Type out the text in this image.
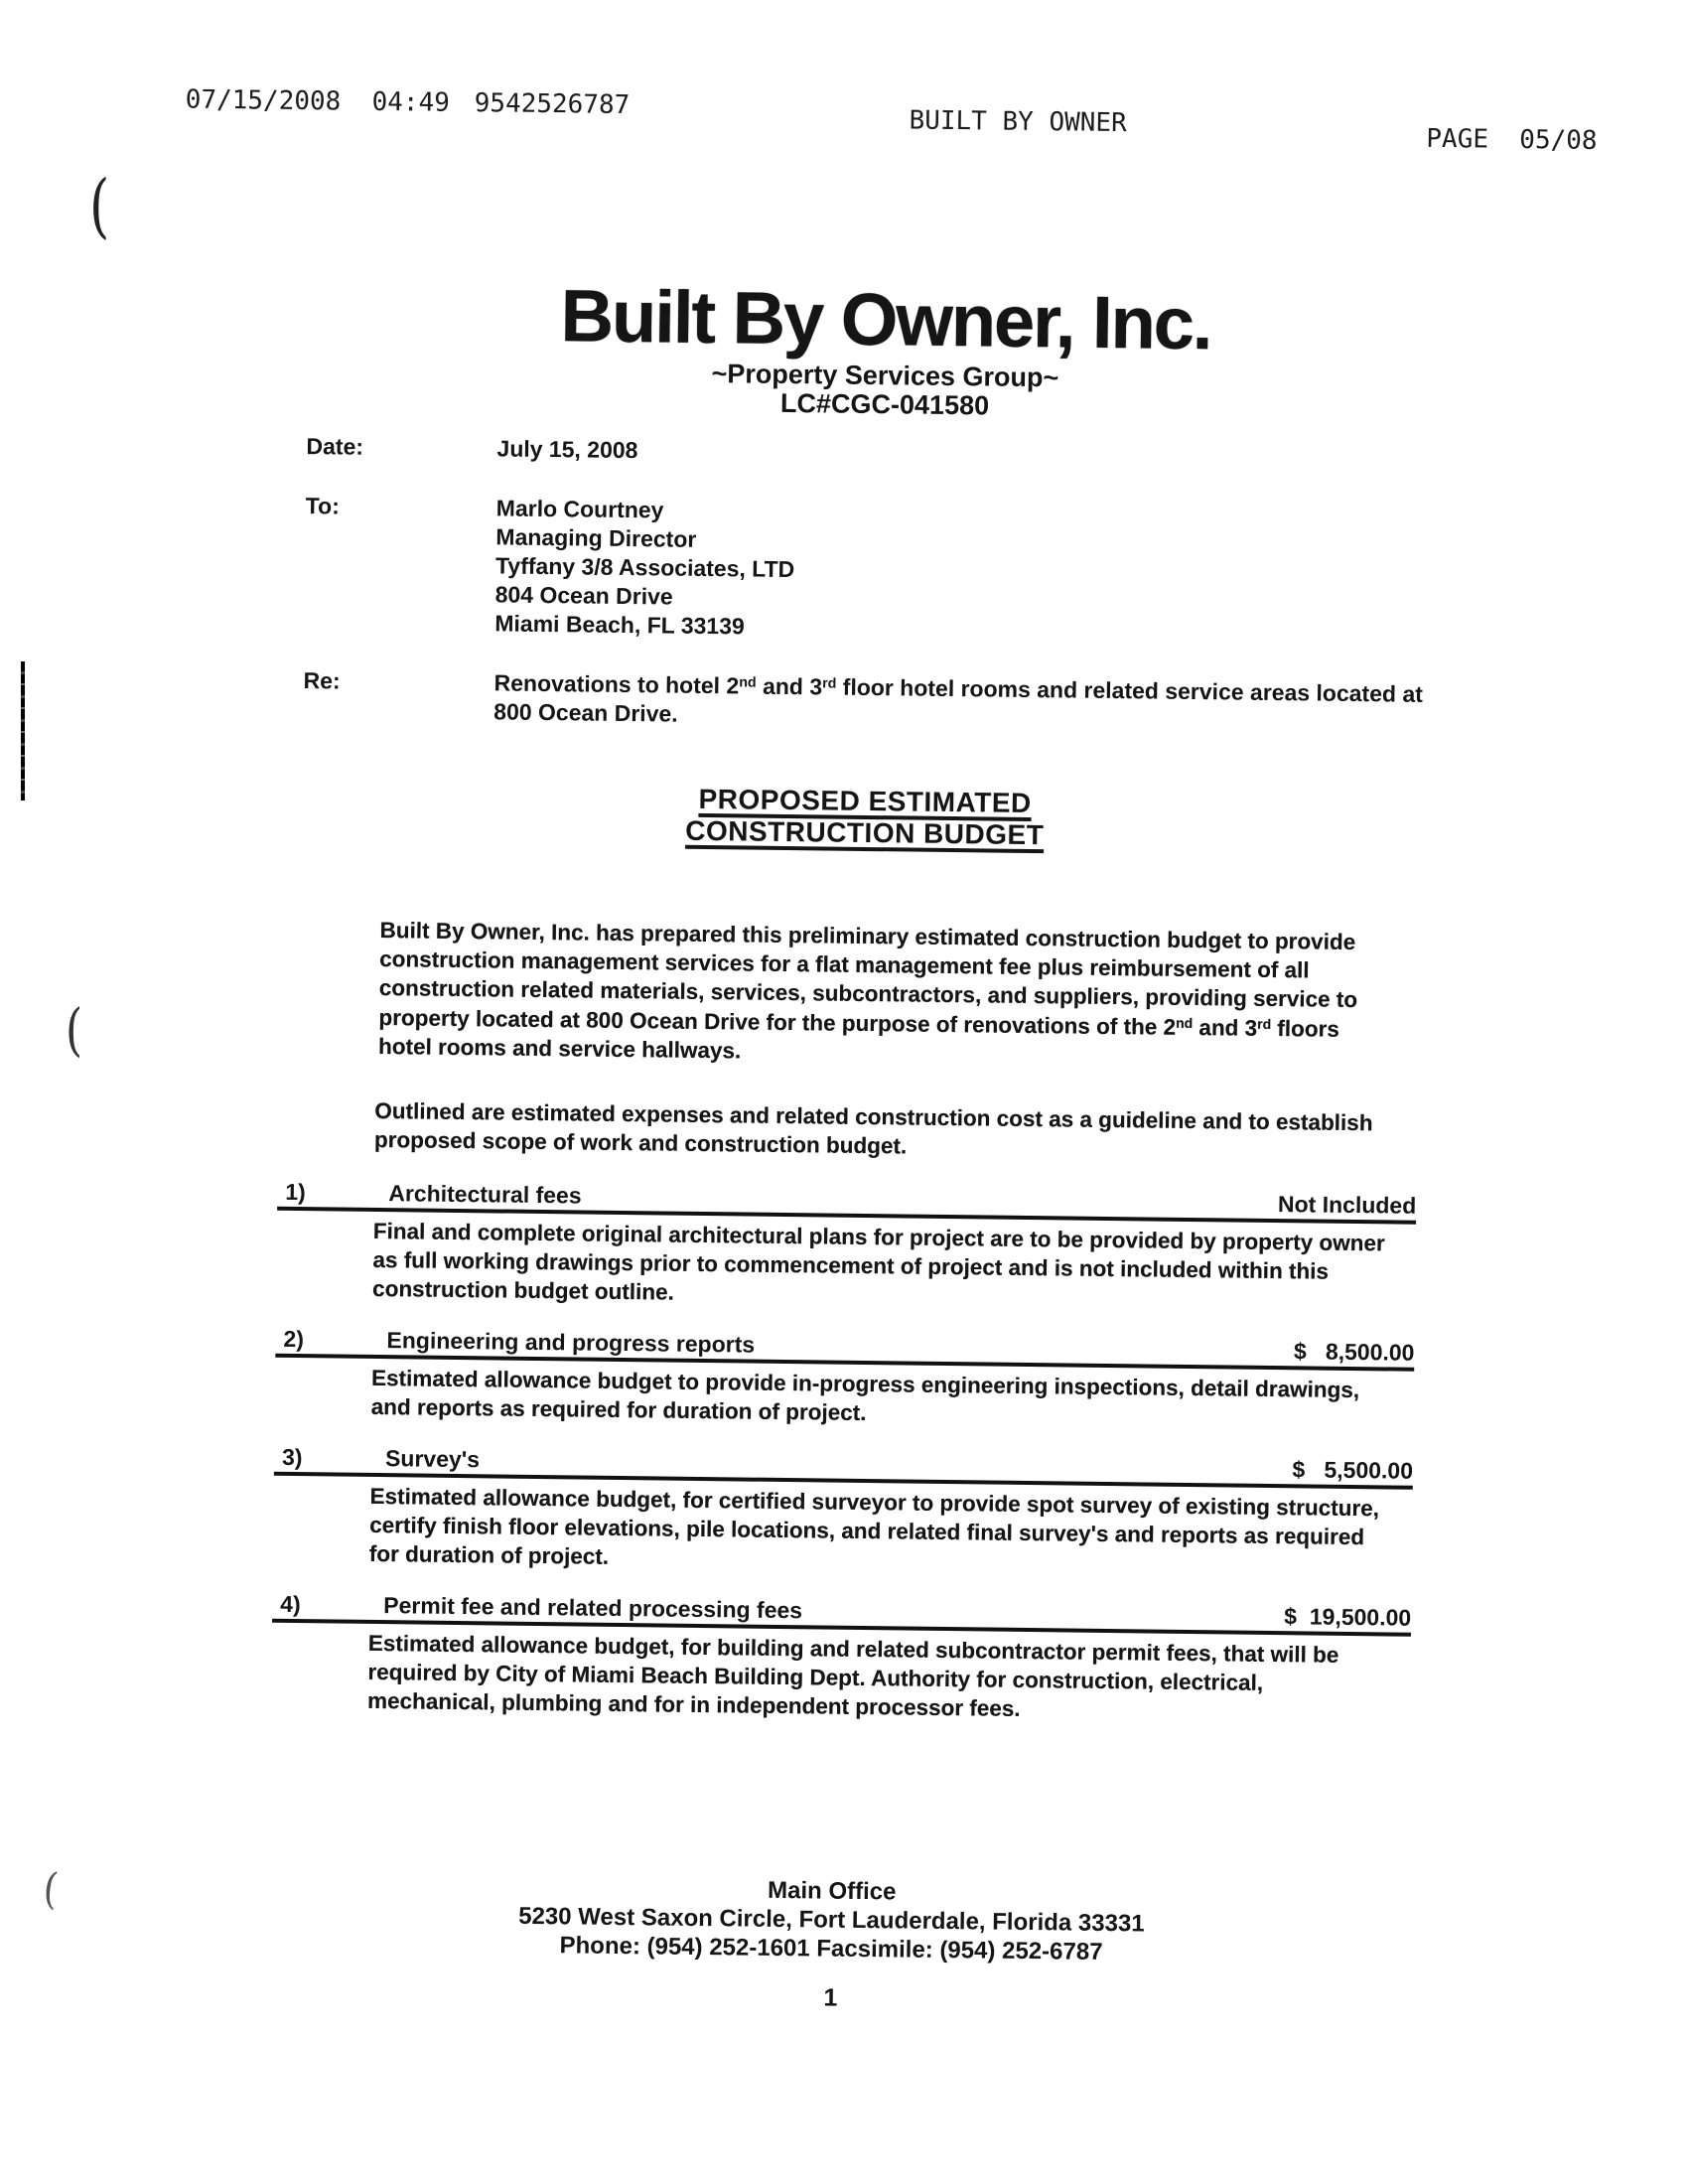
07/15/2008  04:49

9542526787

BUILT BY OWNER

PAGE  05/08

Built By Owner, Inc.
~Property Services Group~
LC#CGC-041580
Date:	July 15, 2008
To:	Marlo Courtney
Managing Director
Tyffany 3/8 Associates, LTD
804 Ocean Drive
Miami Beach, FL 33139
Re:	Renovations to hotel 2nd and 3rd floor hotel rooms and related service areas located at 800 Ocean Drive.
PROPOSED ESTIMATED
CONSTRUCTION BUDGET

Built By Owner, Inc. has prepared this preliminary estimated construction budget to provide construction management services for a flat management fee plus reimbursement of all construction related materials, services, subcontractors, and suppliers, providing service to property located at 800 Ocean Drive for the purpose of renovations of the 2nd and 3rd floors hotel rooms and service hallways.

Outlined are estimated expenses and related construction cost as a guideline and to establish proposed scope of work and construction budget.

1)	Architectural fees	Not Included
Final and complete original architectural plans for project are to be provided by property owner as full working drawings prior to commencement of project and is not included within this construction budget outline.
2)	Engineering and progress reports	$   8,500.00
Estimated allowance budget to provide in-progress engineering inspections, detail drawings, and reports as required for duration of project.
3)	Survey's	$   5,500.00
Estimated allowance budget, for certified surveyor to provide spot survey of existing structure, certify finish floor elevations, pile locations, and related final survey's and reports as required for duration of project.
4)	Permit fee and related processing fees	$  19,500.00
Estimated allowance budget, for building and related subcontractor permit fees, that will be required by City of Miami Beach Building Dept. Authority for construction, electrical, mechanical, plumbing and for in independent processor fees.
Main Office
5230 West Saxon Circle, Fort Lauderdale, Florida 33331
Phone: (954) 252-1601 Facsimile: (954) 252-6787
1
(
(
(
